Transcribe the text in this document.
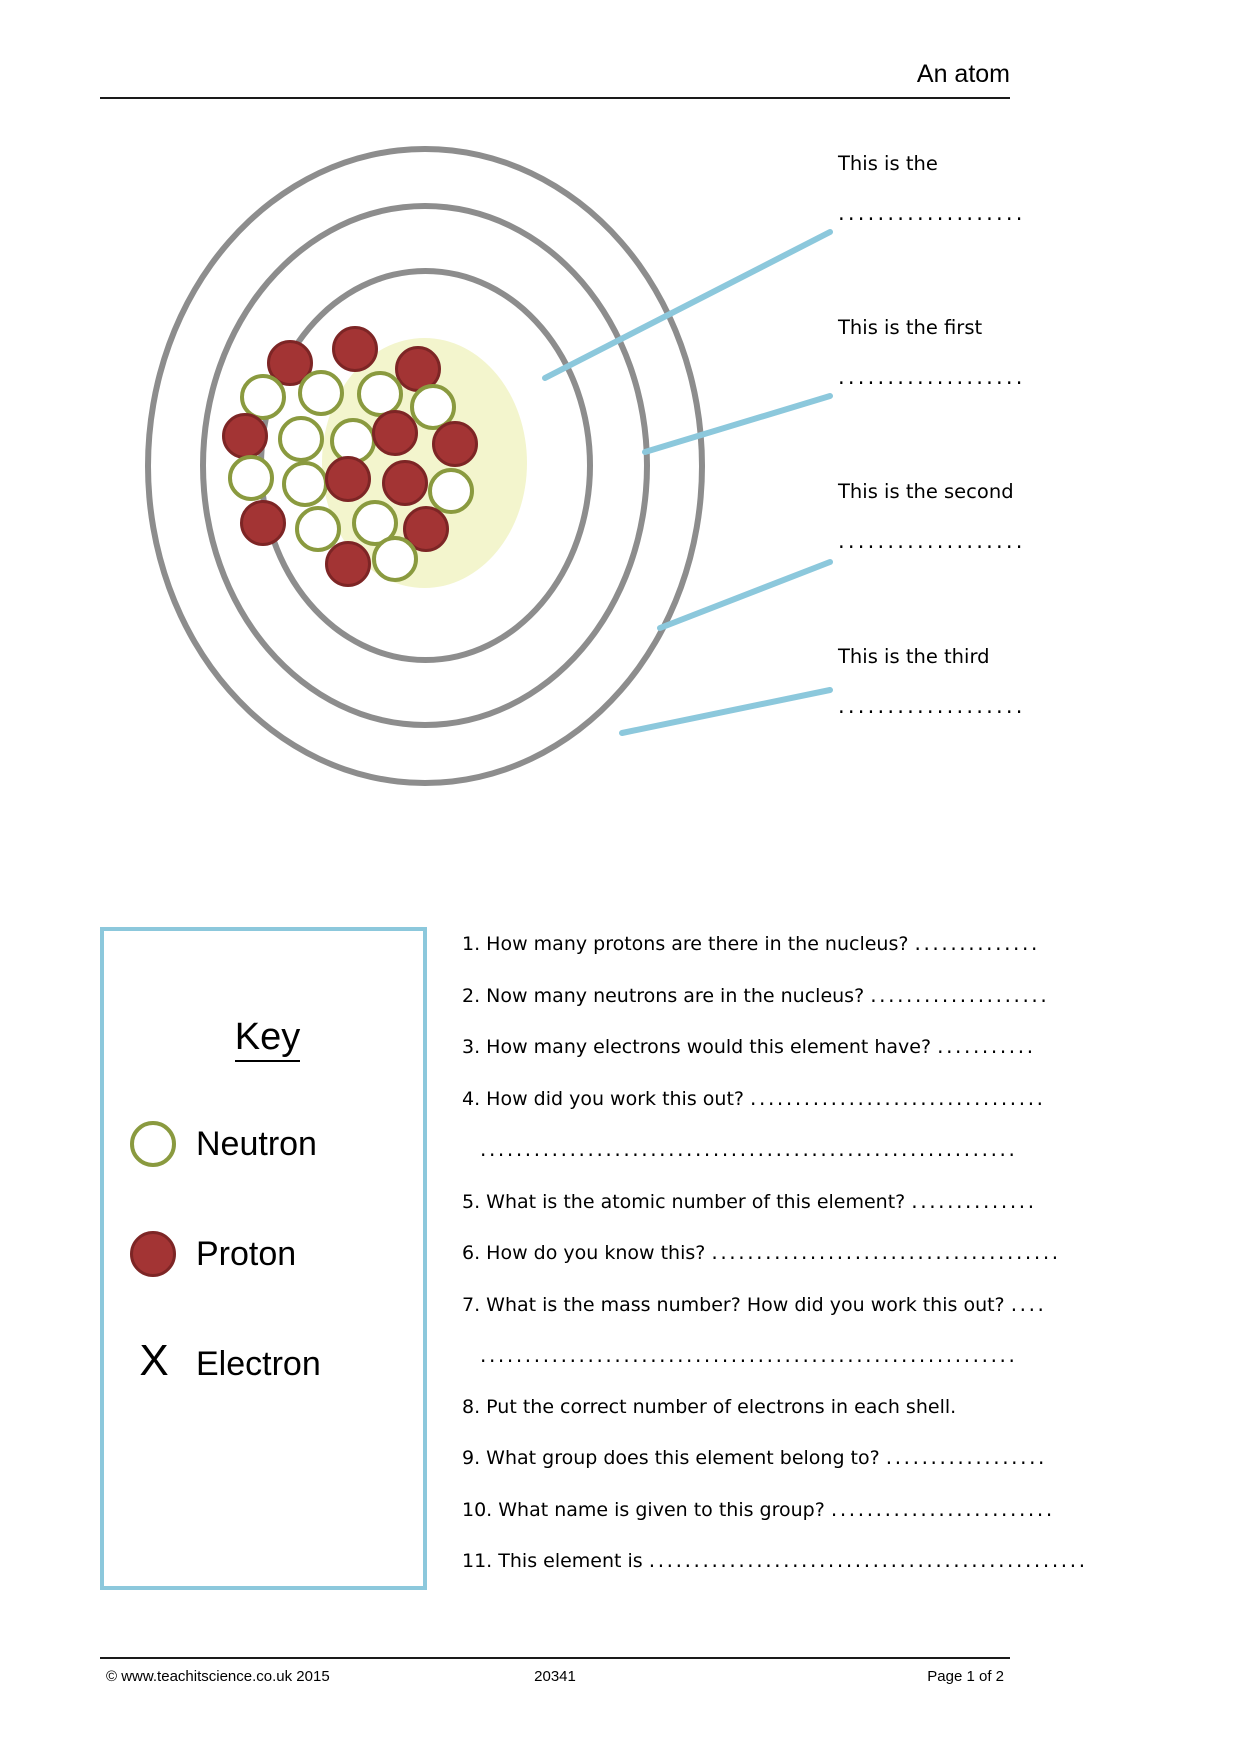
An atom
This is the
...................
This is the first
...................
This is the second
...................
This is the third
...................
Key
Neutron
Proton
X Electron
1. How many protons are there in the nucleus? ..............
2. Now many neutrons are in the nucleus? ....................
3. How many electrons would this element have? ...........
4. How did you work this out? .................................
............................................................
5. What is the atomic number of this element? ..............
6. How do you know this? .......................................
7. What is the mass number? How did you work this out? ....
............................................................
8. Put the correct number of electrons in each shell.
9. What group does this element belong to? ..................
10. What name is given to this group? .........................
11. This element is .................................................
© www.teachitscience.co.uk 2015	20341	Page 1 of 2
